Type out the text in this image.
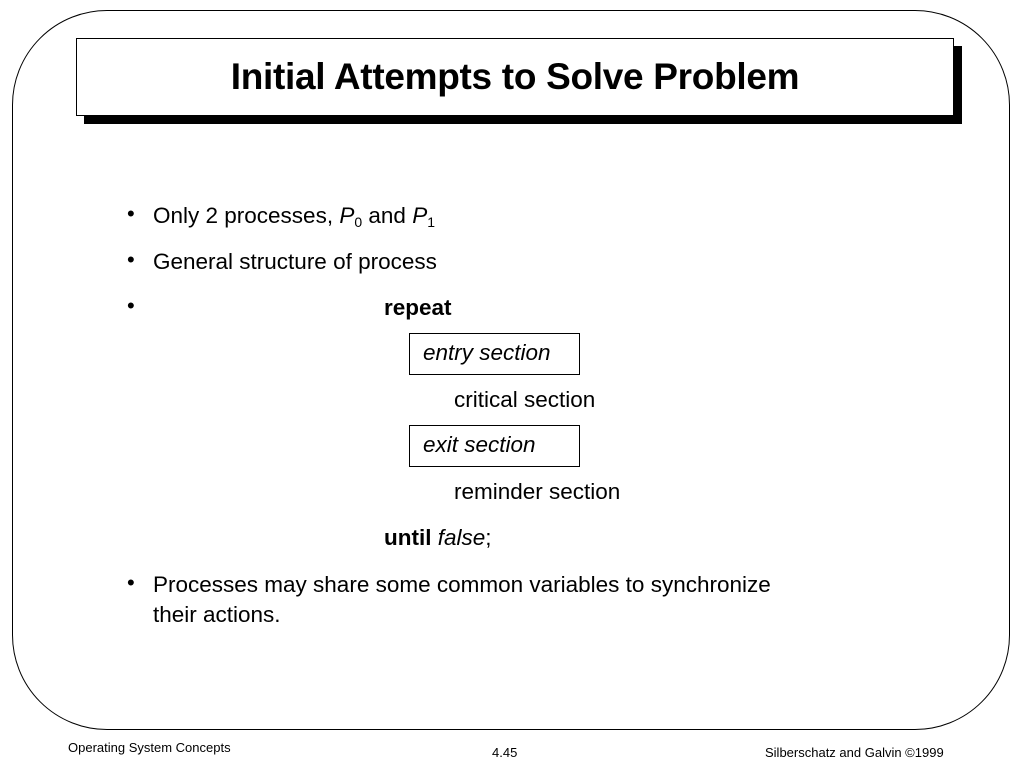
Initial Attempts to Solve Problem
• Only 2 processes, $P_0$ and $P_1$
• General structure of process
•	repeat
entry section
critical section
exit section
reminder section
until false;
• Processes may share some common variables to synchronize
their actions.
Operating System Concepts	4.45	Silberschatz and Galvin ©1999
